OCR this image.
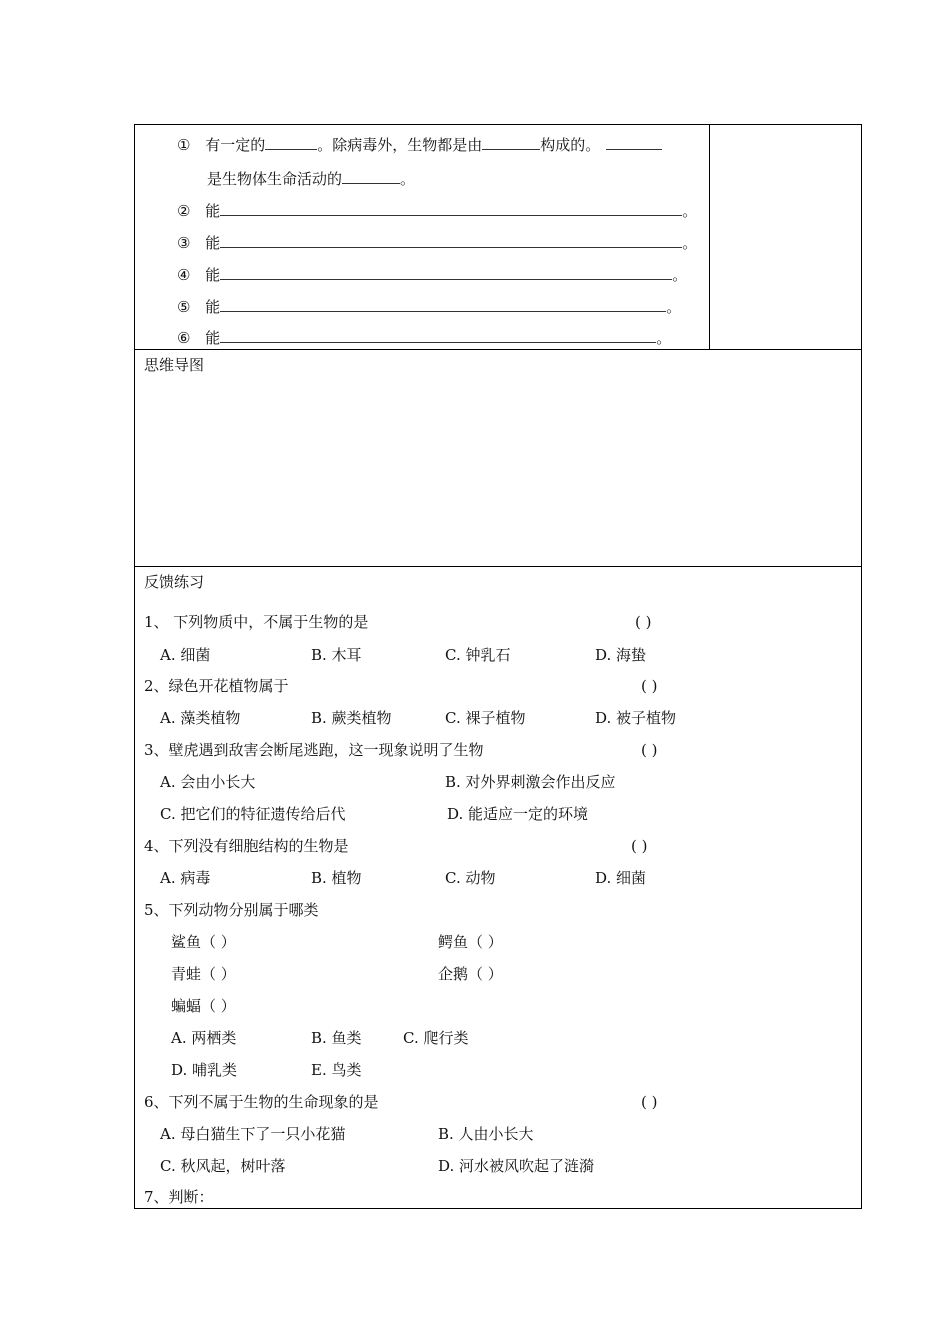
① 有一定的	。除病毒外，生物都是由	构成的。
是生物体生命活动的	。
② 能	。
③ 能	。
④ 能	。
⑤ 能	。
⑥ 能	。
思维导图
反馈练习
1、 下列物质中，不属于生物的是	( )
A. 细菌	B. 木耳	C. 钟乳石	D. 海蛰
2、绿色开花植物属于	( )
A. 藻类植物	B. 蕨类植物	C. 裸子植物	D. 被子植物
3、壁虎遇到敌害会断尾逃跑，这一现象说明了生物	( )
A. 会由小长大	B. 对外界刺激会作出反应
C. 把它们的特征遗传给后代	D. 能适应一定的环境
4、下列没有细胞结构的生物是	( )
A. 病毒	B. 植物	C. 动物	D. 细菌
5、下列动物分别属于哪类
鲨鱼（ ）	鳄鱼（ ）
青蛙（ ）	企鹅（ ）
蝙蝠（ ）
A. 两栖类	B. 鱼类	C. 爬行类
D. 哺乳类	E. 鸟类
6、下列不属于生物的生命现象的是	( )
A. 母白猫生下了一只小花猫	B. 人由小长大
C. 秋风起，树叶落	D. 河水被风吹起了涟漪
7、判断：
